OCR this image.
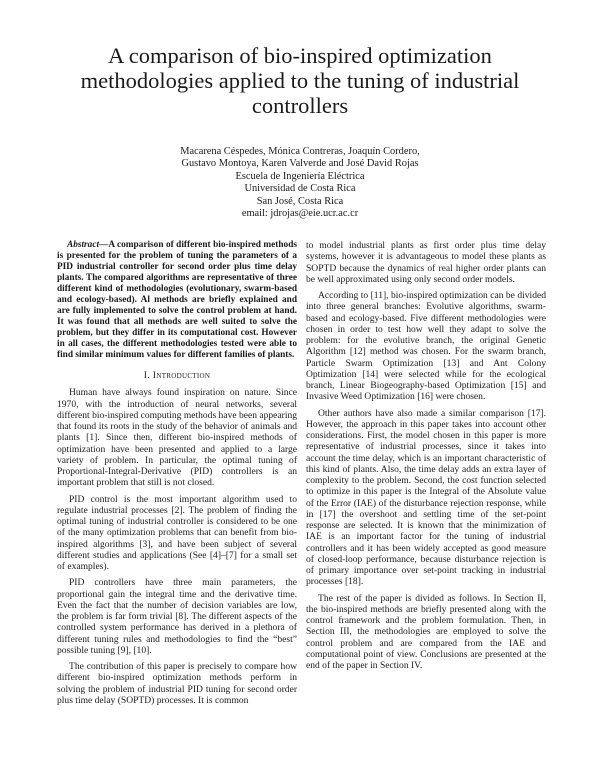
A comparison of bio-inspired optimization
methodologies applied to the tuning of industrial
controllers
Macarena Céspedes, Mónica Contreras, Joaquín Cordero,
Gustavo Montoya, Karen Valverde and José David Rojas
Escuela de Ingeniería Eléctrica
Universidad de Costa Rica
San José, Costa Rica
email: jdrojas@eie.ucr.ac.cr

Abstract—A comparison of different bio-inspired methods is presented for the problem of tuning the parameters of a PID industrial controller for second order plus time delay plants. The compared algorithms are representative of three different kind of methodologies (evolutionary, swarm-based and ecology-based). Al methods are briefly explained and are fully implemented to solve the control problem at hand. It was found that all methods are well suited to solve the problem, but they differ in its computational cost. However in all cases, the different methodologies tested were able to find similar minimum values for different families of plants.

I. Introduction

Human have always found inspiration on nature. Since 1970, with the introduction of neural networks, several different bio-inspired computing methods have been appearing that found its roots in the study of the behavior of animals and plants [1]. Since then, different bio-inspired methods of optimization have been presented and applied to a large variety of problem. In particular, the optimal tuning of Proportional-Integral-Derivative (PID) controllers is an important problem that still is not closed.

PID control is the most important algorithm used to regulate industrial processes [2]. The problem of finding the optimal tuning of industrial controller is considered to be one of the many optimization problems that can benefit from bio-inspired algorithms [3], and have been subject of several different studies and applications (See [4]–[7] for a small set of examples).

PID controllers have three main parameters, the proportional gain the integral time and the derivative time. Even the fact that the number of decision variables are low, the problem is far form trivial [8]. The different aspects of the controlled system performance has derived in a plethora of different tuning rules and methodologies to find the “best” possible tuning [9], [10].

The contribution of this paper is precisely to compare how different bio-inspired optimization methods perform in solving the problem of industrial PID tuning for second order plus time delay (SOPTD) processes. It is common

to model industrial plants as first order plus time delay systems, however it is advantageous to model these plants as SOPTD because the dynamics of real higher order plants can be well approximated using only second order models.

According to [11], bio-inspired optimization can be divided into three general branches: Evolutive algorithms, swarm-based and ecology-based. Five different methodologies were chosen in order to test how well they adapt to solve the problem: for the evolutive branch, the original Genetic Algorithm [12] method was chosen. For the swarm branch, Particle Swarm Optimization [13] and Ant Colony Optimization [14] were selected while for the ecological branch, Linear Biogeography-based Optimization [15] and Invasive Weed Optimization [16] were chosen.

Other authors have also made a similar comparison [17]. However, the approach in this paper takes into account other considerations. First, the model chosen in this paper is more representative of industrial processes, since it takes into account the time delay, which is an important characteristic of this kind of plants. Also, the time delay adds an extra layer of complexity to the problem. Second, the cost function selected to optimize in this paper is the Integral of the Absolute value of the Error (IAE) of the disturbance rejection response, while in [17] the overshoot and settling time of the set-point response are selected. It is known that the minimization of IAE is an important factor for the tuning of industrial controllers and it has been widely accepted as good measure of closed-loop performance, because disturbance rejection is of primary importance over set-point tracking in industrial processes [18].

The rest of the paper is divided as follows. In Section II, the bio-inspired methods are briefly presented along with the control framework and the problem formulation. Then, in Section III, the methodologies are employed to solve the control problem and are compared from the IAE and computational point of view. Conclusions are presented at the end of the paper in Section IV.
